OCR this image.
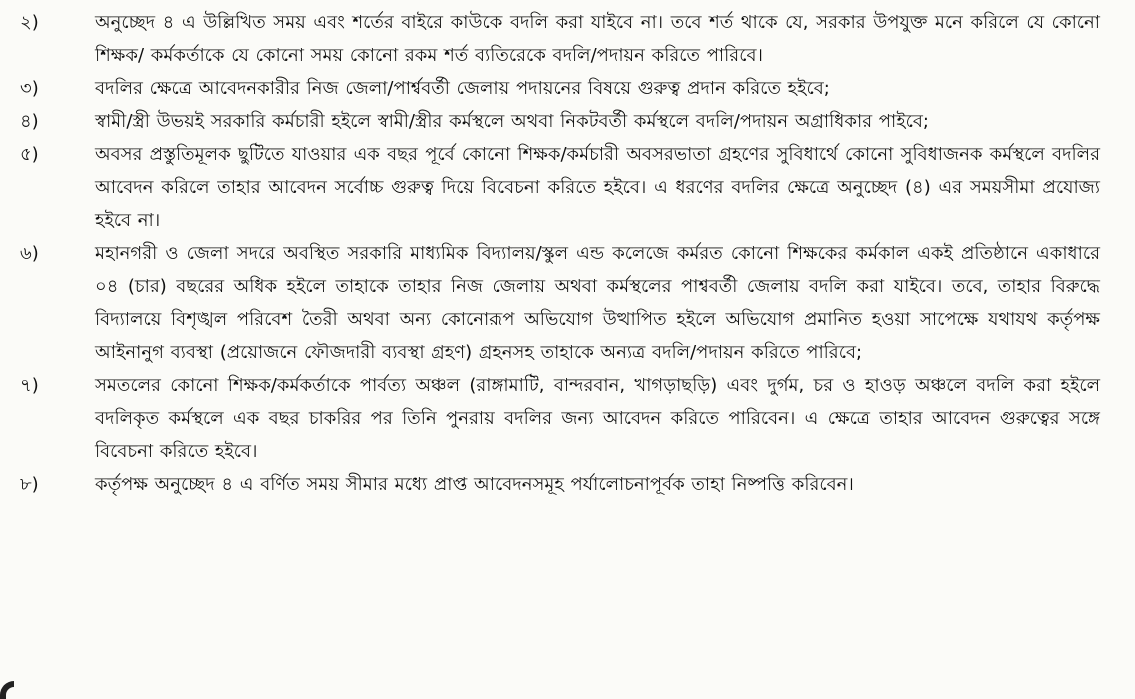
২)	অনুচ্ছেদ ৪ এ উল্লিখিত সময় এবং শর্তের বাইরে কাউকে বদলি করা যাইবে না। তবে শর্ত থাকে যে, সরকার উপযুক্ত মনে করিলে যে কোনো শিক্ষক/ কর্মকর্তাকে যে কোনো সময় কোনো রকম শর্ত ব্যতিরেকে বদলি/পদায়ন করিতে পারিবে।
৩)	বদলির ক্ষেত্রে আবেদনকারীর নিজ জেলা/পার্শ্ববর্তী জেলায় পদায়নের বিষয়ে গুরুত্ব প্রদান করিতে হইবে;
৪)	স্বামী/স্ত্রী উভয়ই সরকারি কর্মচারী হইলে স্বামী/স্ত্রীর কর্মস্থলে অথবা নিকটবর্তী কর্মস্থলে বদলি/পদায়ন অগ্রাধিকার পাইবে;
৫)	অবসর প্রস্তুতিমূলক ছুটিতে যাওয়ার এক বছর পূর্বে কোনো শিক্ষক/কর্মচারী অবসরভাতা গ্রহণের সুবিধার্থে কোনো সুবিধাজনক কর্মস্থলে বদলির আবেদন করিলে তাহার আবেদন সর্বোচ্চ গুরুত্ব দিয়ে বিবেচনা করিতে হইবে। এ ধরণের বদলির ক্ষেত্রে অনুচ্ছেদ (৪) এর সময়সীমা প্রযোজ্য হইবে না।
৬)	মহানগরী ও জেলা সদরে অবস্থিত সরকারি মাধ্যমিক বিদ্যালয়/স্কুল এন্ড কলেজে কর্মরত কোনো শিক্ষকের কর্মকাল একই প্রতিষ্ঠানে একাধারে ০৪ (চার) বছরের অধিক হইলে তাহাকে তাহার নিজ জেলায় অথবা কর্মস্থলের পাশ্ববর্তী জেলায় বদলি করা যাইবে। তবে, তাহার বিরুদ্ধে বিদ্যালয়ে বিশৃঙ্খল পরিবেশ তৈরী অথবা অন্য কোনোরূপ অভিযোগ উত্থাপিত হইলে অভিযোগ প্রমানিত হওয়া সাপেক্ষে যথাযথ কর্তৃপক্ষ আইনানুগ ব্যবস্থা (প্রয়োজনে ফৌজদারী ব্যবস্থা গ্রহণ) গ্রহনসহ তাহাকে অন্যত্র বদলি/পদায়ন করিতে পারিবে;
৭)	সমতলের কোনো শিক্ষক/কর্মকর্তাকে পার্বত্য অঞ্চল (রাঙ্গামাটি, বান্দরবান, খাগড়াছড়ি) এবং দুর্গম, চর ও হাওড় অঞ্চলে বদলি করা হইলে বদলিকৃত কর্মস্থলে এক বছর চাকরির পর তিনি পুনরায় বদলির জন্য আবেদন করিতে পারিবেন। এ ক্ষেত্রে তাহার আবেদন গুরুত্বের সঙ্গে বিবেচনা করিতে হইবে।
৮)	কর্তৃপক্ষ অনুচ্ছেদ ৪ এ বর্ণিত সময় সীমার মধ্যে প্রাপ্ত আবেদনসমূহ পর্যালোচনাপূর্বক তাহা নিষ্পত্তি করিবেন।
